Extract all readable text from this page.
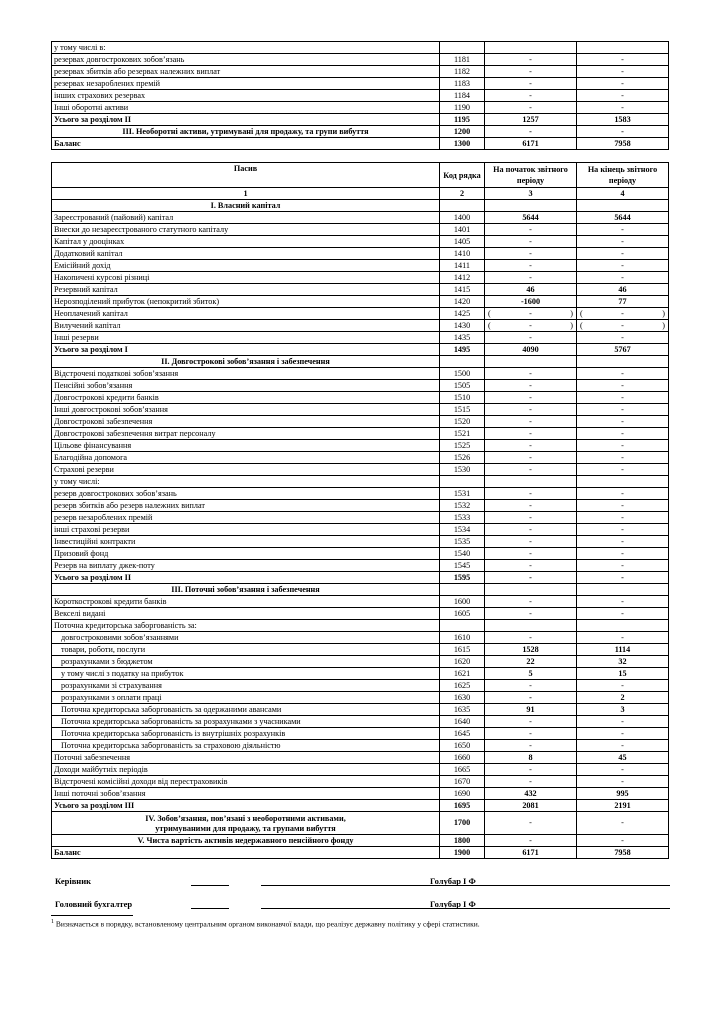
у тому числі в:			
резервах довгострокових зобов’язань	1181	-	-
резервах збитків або резервах належних виплат	1182	-	-
резервах незароблених премій	1183	-	-
інших страхових резервах	1184	-	-
Інші оборотні активи	1190	-	-
Усього за розділом II	1195	1257	1583
III. Необоротні активи, утримувані для продажу, та групи вибуття	1200	-	-
Баланс	1300	6171	7958
Пасив	Код рядка	На початок звітного періоду	На кінець звітного періоду
1	2	3	4
I. Власний капітал			
Зареєстрований (пайовий) капітал	1400	5644	5644
Внески до незареєстрованого статутного капіталу	1401	-	-
Капітал у дооцінках	1405	-	-
Додатковий капітал	1410	-	-
Емісійний дохід	1411	-	-
Накопичені курсові різниці	1412	-	-
Резервний капітал	1415	46	46
Нерозподілений прибуток (непокритий збиток)	1420	-1600	77
Неоплачений капітал	1425	( - )	( - )

Вилучений капітал	1430	( - )	( - )

Інші резерви	1435	-	-
Усього за розділом I	1495	4090	5767
II. Довгострокові зобов’язання і забезпечення			
Відстрочені податкові зобов’язання	1500	-	-
Пенсійні зобов’язання	1505	-	-
Довгострокові кредити банків	1510	-	-
Інші довгострокові зобов’язання	1515	-	-
Довгострокові забезпечення	1520	-	-
Довгострокові забезпечення витрат персоналу	1521	-	-
Цільове фінансування	1525	-	-
Благодійна допомога	1526	-	-
Страхові резерви	1530	-	-
у тому числі:			
резерв довгострокових зобов’язань	1531	-	-
резерв збитків або резерв належних виплат	1532	-	-
резерв незароблених премій	1533	-	-
інші страхові резерви	1534	-	-
Інвестиційні контракти	1535	-	-
Призовий фонд	1540	-	-
Резерв на виплату джек-поту	1545	-	-
Усього за розділом II	1595	-	-
IІІ. Поточні зобов’язання і забезпечення			
Короткострокові кредити банків	1600	-	-
Векселі видані	1605	-	-
Поточна кредиторська заборгованість за:			
довгостроковими зобов’язаннями	1610	-	-
товари, роботи, послуги	1615	1528	1114
розрахунками з бюджетом	1620	22	32
у тому числі з податку на прибуток	1621	5	15
розрахунками зі страхування	1625	-	-
розрахунками з оплати праці	1630	-	2
Поточна кредиторська заборгованість за одержаними авансами	1635	91	3
Поточна кредиторська заборгованість за розрахунками з учасниками	1640	-	-
Поточна кредиторська заборгованість із внутрішніх розрахунків	1645	-	-
Поточна кредиторська заборгованість за страховою діяльністю	1650	-	-
Поточні забезпечення	1660	8	45
Доходи майбутніх періодів	1665	-	-
Відстрочені комісійні доходи від перестраховиків	1670	-	-
Інші поточні зобов’язання	1690	432	995
Усього за розділом IІІ	1695	2081	2191

IV. Зобов’язання, пов’язані з необоротними активами,
утримуваними для продажу, та групами вибуття	1700	-	-
V. Чиста вартість активів недержавного пенсійного фонду	1800	-	-
Баланс	1900	6171	7958
Керівник	Голубар І Ф
Головний бухгалтер	Голубар І Ф
$^1$ Визначається в порядку, встановленому центральним органом виконавчої влади, що реалізує державну політику у сфері статистики.
